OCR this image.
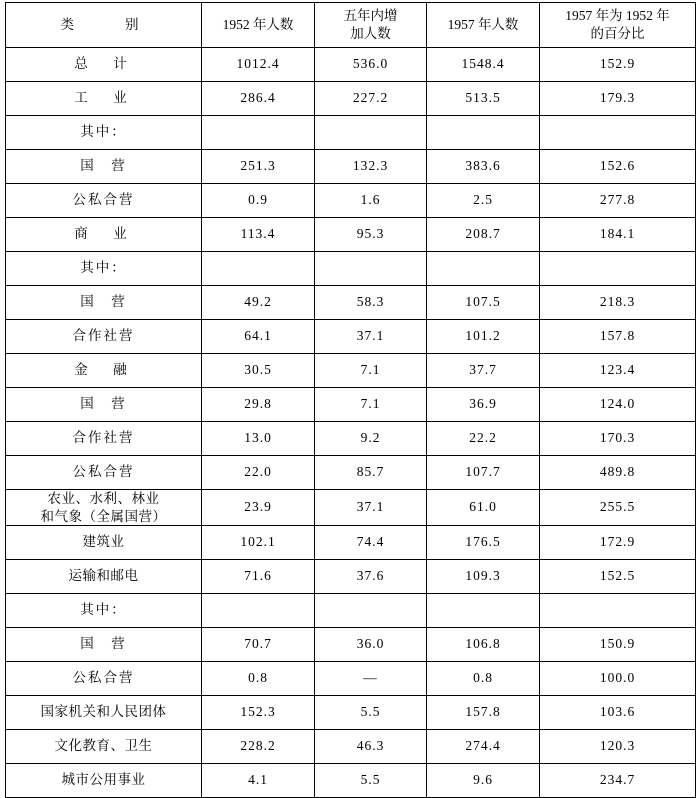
类　　别	1952 年人数	五年内增
加人数	1957 年人数	1957 年为 1952 年
的百分比

总　计	1012.4	536.0	1548.4	152.9
工　业	286.4	227.2	513.5	179.3
其中：				
国　营	251.3	132.3	383.6	152.6
公私合营	0.9	1.6	2.5	277.8
商　业	113.4	95.3	208.7	184.1
其中：				
国　营	49.2	58.3	107.5	218.3
合作社营	64.1	37.1	101.2	157.8
金　融	30.5	7.1	37.7	123.4
国　营	29.8	7.1	36.9	124.0
合作社营	13.0	9.2	22.2	170.3
公私合营	22.0	85.7	107.7	489.8

农业、水利、林业
和气象（全属国营）	23.9	37.1	61.0	255.5
建筑业	102.1	74.4	176.5	172.9
运输和邮电	71.6	37.6	109.3	152.5
其中：				
国　营	70.7	36.0	106.8	150.9
公私合营	0.8	—	0.8	100.0
国家机关和人民团体	152.3	5.5	157.8	103.6
文化教育、卫生	228.2	46.3	274.4	120.3
城市公用事业	4.1	5.5	9.6	234.7
